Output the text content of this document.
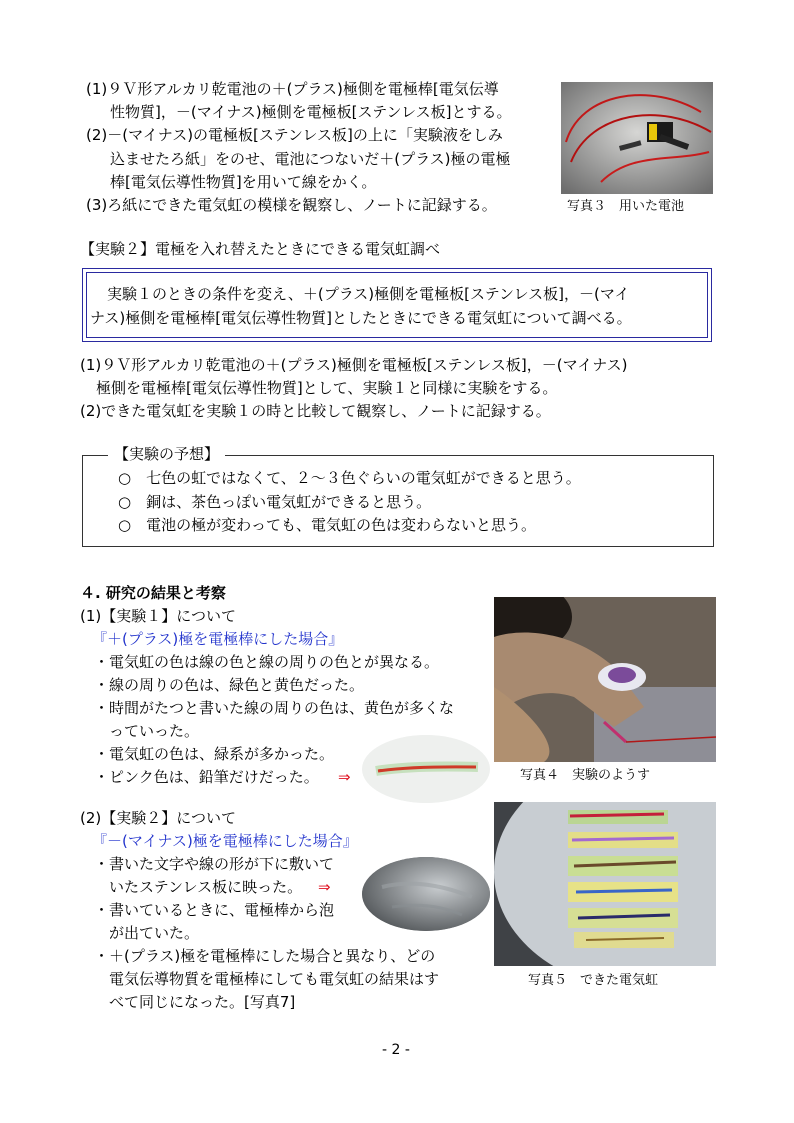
(1)９Ｖ形アルカリ乾電池の＋(プラス)極側を電極棒[電気伝導
性物質]，－(マイナス)極側を電極板[ステンレス板]とする。
(2)－(マイナス)の電極板[ステンレス板]の上に「実験液をしみ
込ませたろ紙」をのせ、電池につないだ＋(プラス)極の電極
棒[電気伝導性物質]を用いて線をかく。
(3)ろ紙にできた電気虹の模様を観察し、ノートに記録する。	写真３　用いた電池
【実験２】電極を入れ替えたときにできる電気虹調べ
実験１のときの条件を変え、＋(プラス)極側を電極板[ステンレス板]，－(マイ
ナス)極側を電極棒[電気伝導性物質]としたときにできる電気虹について調べる。
(1)９Ｖ形アルカリ乾電池の＋(プラス)極側を電極板[ステンレス板]，－(マイナス)
極側を電極棒[電気伝導性物質]として、実験１と同様に実験をする。
(2)できた電気虹を実験１の時と比較して観察し、ノートに記録する。
【実験の予想】
○　七色の虹ではなくて、２～３色ぐらいの電気虹ができると思う。
○　銅は、茶色っぽい電気虹ができると思う。
○　電池の極が変わっても、電気虹の色は変わらないと思う。
４. 研究の結果と考察
(1)【実験１】について
『＋(プラス)極を電極棒にした場合』
・電気虹の色は線の色と線の周りの色とが異なる。
・線の周りの色は、緑色と黄色だった。
・時間がたつと書いた線の周りの色は、黄色が多くな
　っていった。
・電気虹の色は、緑系が多かった。
・ピンク色は、鉛筆だけだった。 ⇒	写真４　実験のようす
(2)【実験２】について
『－(マイナス)極を電極棒にした場合』
・書いた文字や線の形が下に敷いて
　いたステンレス板に映った。 ⇒
・書いているときに、電極棒から泡
　が出ていた。
・＋(プラス)極を電極棒にした場合と異なり、どの
　電気伝導物質を電極棒にしても電気虹の結果はす
　べて同じになった。[写真7]
写真５　できた電気虹
- 2 -
